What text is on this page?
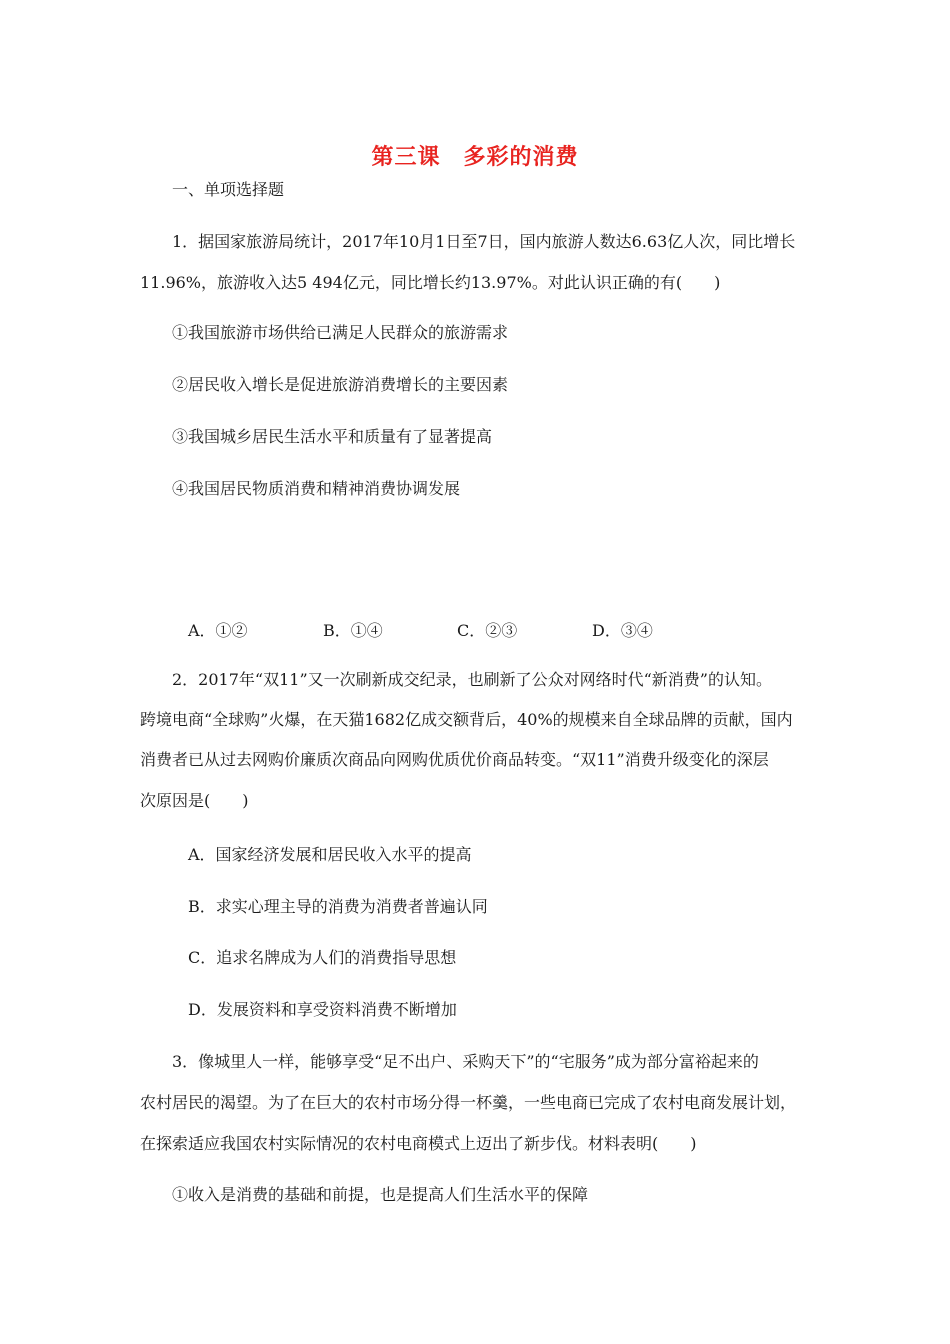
第三课　多彩的消费
一、单项选择题
1．据国家旅游局统计，2017年10月1日至7日，国内旅游人数达6.63亿人次，同比增长
11.96%，旅游收入达5 494亿元，同比增长约13.97%。对此认识正确的有(　　)
①我国旅游市场供给已满足人民群众的旅游需求
②居民收入增长是促进旅游消费增长的主要因素
③我国城乡居民生活水平和质量有了显著提高
④我国居民物质消费和精神消费协调发展
A．①②	B．①④	C．②③	D．③④
2．2017年“双11”又一次刷新成交纪录，也刷新了公众对网络时代“新消费”的认知。
跨境电商“全球购”火爆，在天猫1682亿成交额背后，40%的规模来自全球品牌的贡献，国内
消费者已从过去网购价廉质次商品向网购优质优价商品转变。“双11”消费升级变化的深层
次原因是(　　)
A．国家经济发展和居民收入水平的提高
B．求实心理主导的消费为消费者普遍认同
C．追求名牌成为人们的消费指导思想
D．发展资料和享受资料消费不断增加
3．像城里人一样，能够享受“足不出户、采购天下”的“宅服务”成为部分富裕起来的
农村居民的渴望。为了在巨大的农村市场分得一杯羹，一些电商已完成了农村电商发展计划，
在探索适应我国农村实际情况的农村电商模式上迈出了新步伐。材料表明(　　)
①收入是消费的基础和前提，也是提高人们生活水平的保障
